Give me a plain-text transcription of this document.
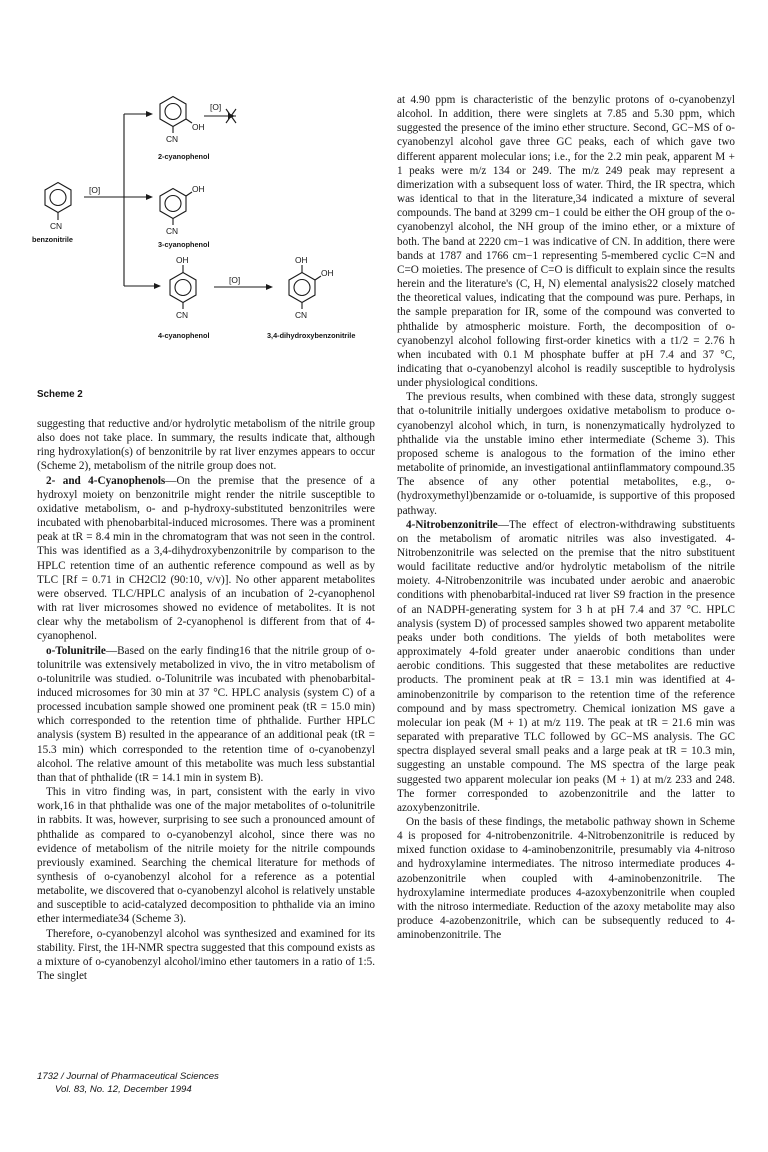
[O]
[O]
[O]
CN
CN
OH
CN
OH
OH
CN
OH
OH
CN
benzonitrile
2-cyanophenol
3-cyanophenol
4-cyanophenol	3,4-dihydroxybenzonitrile
Scheme 2

suggesting that reductive and/or hydrolytic metabolism of the nitrile group also does not take place. In summary, the results indicate that, although ring hydroxylation(s) of benzonitrile by rat liver enzymes appears to occur (Scheme 2), metabolism of the nitrile group does not.

2- and 4-Cyanophenols—On the premise that the presence of a hydroxyl moiety on benzonitrile might render the nitrile susceptible to oxidative metabolism, o- and p-hydroxy-substituted benzonitriles were incubated with phenobarbital-induced microsomes. There was a prominent peak at tR = 8.4 min in the chromatogram that was not seen in the control. This was identified as a 3,4-dihydroxybenzonitrile by comparison to the HPLC retention time of an authentic reference compound as well as by TLC [Rf = 0.71 in CH2Cl2 (90:10, v/v)]. No other apparent metabolites were observed. TLC/HPLC analysis of an incubation of 2-cyanophenol with rat liver microsomes showed no evidence of metabolites. It is not clear why the metabolism of 2-cyanophenol is different from that of 4-cyanophenol.

o-Tolunitrile—Based on the early finding16 that the nitrile group of o-tolunitrile was extensively metabolized in vivo, the in vitro metabolism of o-tolunitrile was studied. o-Tolunitrile was incubated with phenobarbital-induced microsomes for 30 min at 37 °C. HPLC analysis (system C) of a processed incubation sample showed one prominent peak (tR = 15.0 min) which corresponded to the retention time of phthalide. Further HPLC analysis (system B) resulted in the appearance of an additional peak (tR = 15.3 min) which corresponded to the retention time of o-cyanobenzyl alcohol. The relative amount of this metabolite was much less substantial than that of phthalide (tR = 14.1 min in system B).

This in vitro finding was, in part, consistent with the early in vivo work,16 in that phthalide was one of the major metabolites of o-tolunitrile in rabbits. It was, however, surprising to see such a pronounced amount of phthalide as compared to o-cyanobenzyl alcohol, since there was no evidence of metabolism of the nitrile moiety for the nitrile compounds previously examined. Searching the chemical literature for methods of synthesis of o-cyanobenzyl alcohol for a reference as a potential metabolite, we discovered that o-cyanobenzyl alcohol is relatively unstable and susceptible to acid-catalyzed decomposition to phthalide via an imino ether intermediate34 (Scheme 3).

Therefore, o-cyanobenzyl alcohol was synthesized and examined for its stability. First, the 1H-NMR spectra suggested that this compound exists as a mixture of o-cyanobenzyl alcohol/imino ether tautomers in a ratio of 1:5. The singlet

at 4.90 ppm is characteristic of the benzylic protons of o-cyanobenzyl alcohol. In addition, there were singlets at 7.85 and 5.30 ppm, which suggested the presence of the imino ether structure. Second, GC−MS of o-cyanobenzyl alcohol gave three GC peaks, each of which gave two different apparent molecular ions; i.e., for the 2.2 min peak, apparent M + 1 peaks were m/z 134 or 249. The m/z 249 peak may represent a dimerization with a subsequent loss of water. Third, the IR spectra, which was identical to that in the literature,34 indicated a mixture of several compounds. The band at 3299 cm−1 could be either the OH group of the o-cyanobenzyl alcohol, the NH group of the imino ether, or a mixture of both. The band at 2220 cm−1 was indicative of CN. In addition, there were bands at 1787 and 1766 cm−1 representing 5-membered cyclic C=N and C=O moieties. The presence of C=O is difficult to explain since the results herein and the literature's (C, H, N) elemental analysis22 closely matched the theoretical values, indicating that the compound was pure. Perhaps, in the sample preparation for IR, some of the compound was converted to phthalide by atmospheric moisture. Forth, the decomposition of o-cyanobenzyl alcohol following first-order kinetics with a t1/2 = 2.76 h when incubated with 0.1 M phosphate buffer at pH 7.4 and 37 °C, indicating that o-cyanobenzyl alcohol is readily susceptible to hydrolysis under physiological conditions.

The previous results, when combined with these data, strongly suggest that o-tolunitrile initially undergoes oxidative metabolism to produce o-cyanobenzyl alcohol which, in turn, is nonenzymatically hydrolyzed to phthalide via the unstable imino ether intermediate (Scheme 3). This proposed scheme is analogous to the formation of the imino ether metabolite of prinomide, an investigational antiinflammatory compound.35 The absence of any other potential metabolites, e.g., o-(hydroxymethyl)benzamide or o-toluamide, is supportive of this proposed pathway.

4-Nitrobenzonitrile—The effect of electron-withdrawing substituents on the metabolism of aromatic nitriles was also investigated. 4-Nitrobenzonitrile was selected on the premise that the nitro substituent would facilitate reductive and/or hydrolytic metabolism of the nitrile moiety. 4-Nitrobenzonitrile was incubated under aerobic and anaerobic conditions with phenobarbital-induced rat liver S9 fraction in the presence of an NADPH-generating system for 3 h at pH 7.4 and 37 °C. HPLC analysis (system D) of processed samples showed two apparent metabolite peaks under both conditions. The yields of both metabolites were approximately 4-fold greater under anaerobic conditions than under aerobic conditions. This suggested that these metabolites are reductive products. The prominent peak at tR = 13.1 min was identified at 4-aminobenzonitrile by comparison to the retention time of the reference compound and by mass spectrometry. Chemical ionization MS gave a molecular ion peak (M + 1) at m/z 119. The peak at tR = 21.6 min was separated with preparative TLC followed by GC−MS analysis. The GC spectra displayed several small peaks and a large peak at tR = 10.3 min, suggesting an unstable compound. The MS spectra of the large peak suggested two apparent molecular ion peaks (M + 1) at m/z 233 and 248. The former corresponded to azobenzonitrile and the latter to azoxybenzonitrile.

On the basis of these findings, the metabolic pathway shown in Scheme 4 is proposed for 4-nitrobenzonitrile. 4-Nitrobenzonitrile is reduced by mixed function oxidase to 4-aminobenzonitrile, presumably via 4-nitroso and hydroxylamine intermediates. The nitroso intermediate produces 4-azobenzonitrile when coupled with 4-aminobenzonitrile. The hydroxylamine intermediate produces 4-azoxybenzonitrile when coupled with the nitroso intermediate. Reduction of the azoxy metabolite may also produce 4-azobenzonitrile, which can be subsequently reduced to 4-aminobenzonitrile. The

1732 / Journal of Pharmaceutical Sciences
Vol. 83, No. 12, December 1994
